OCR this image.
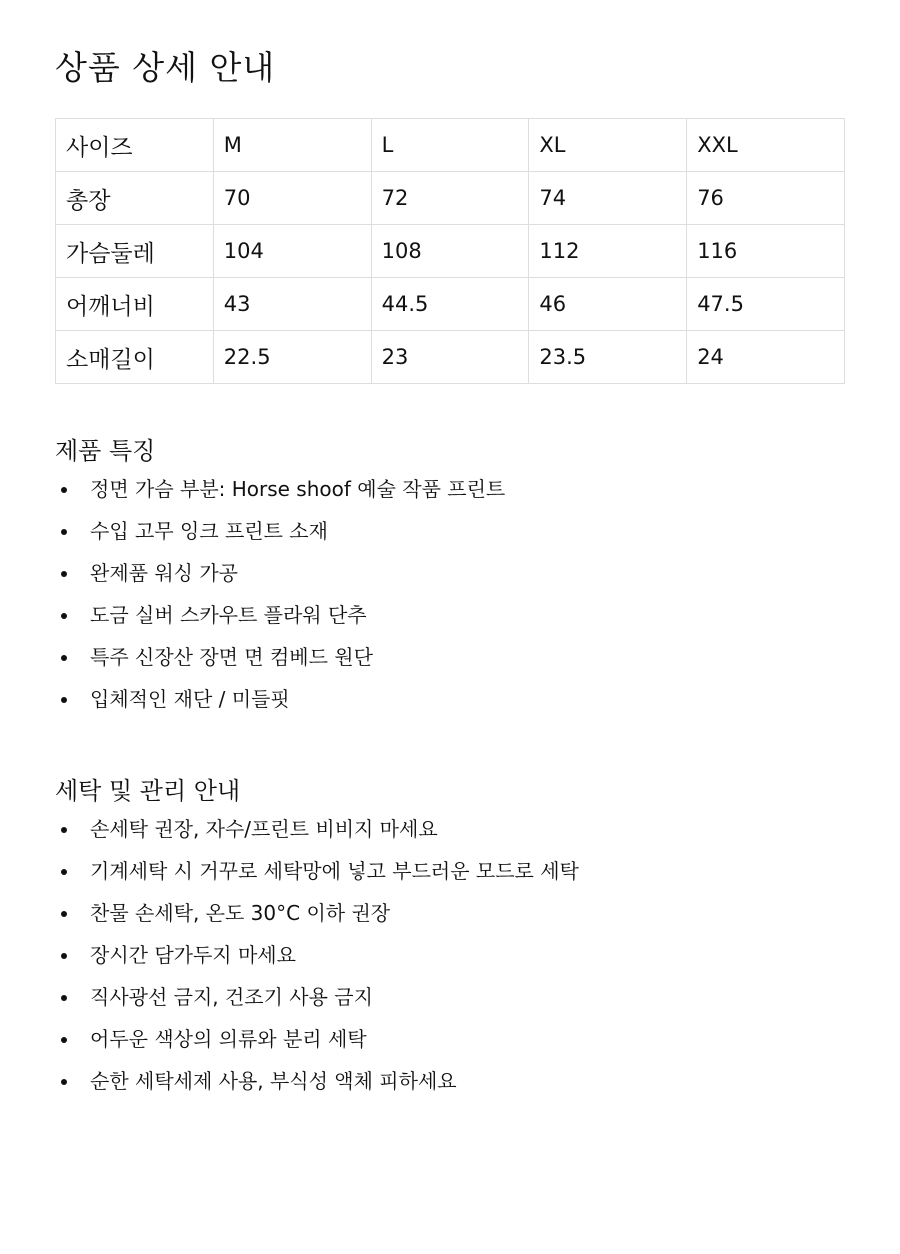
상품 상세 안내
사이즈	M	L	XL	XXL
총장	70	72	74	76
가슴둘레	104	108	112	116
어깨너비	43	44.5	46	47.5
소매길이	22.5	23	23.5	24
제품 특징
정면 가슴 부분: Horse shoof 예술 작품 프린트
수입 고무 잉크 프린트 소재
완제품 워싱 가공
도금 실버 스카우트 플라워 단추
특주 신장산 장면 면 컴베드 원단
입체적인 재단 / 미들핏
세탁 및 관리 안내
손세탁 권장, 자수/프린트 비비지 마세요
기계세탁 시 거꾸로 세탁망에 넣고 부드러운 모드로 세탁
찬물 손세탁, 온도 30°C 이하 권장
장시간 담가두지 마세요
직사광선 금지, 건조기 사용 금지
어두운 색상의 의류와 분리 세탁
순한 세탁세제 사용, 부식성 액체 피하세요
